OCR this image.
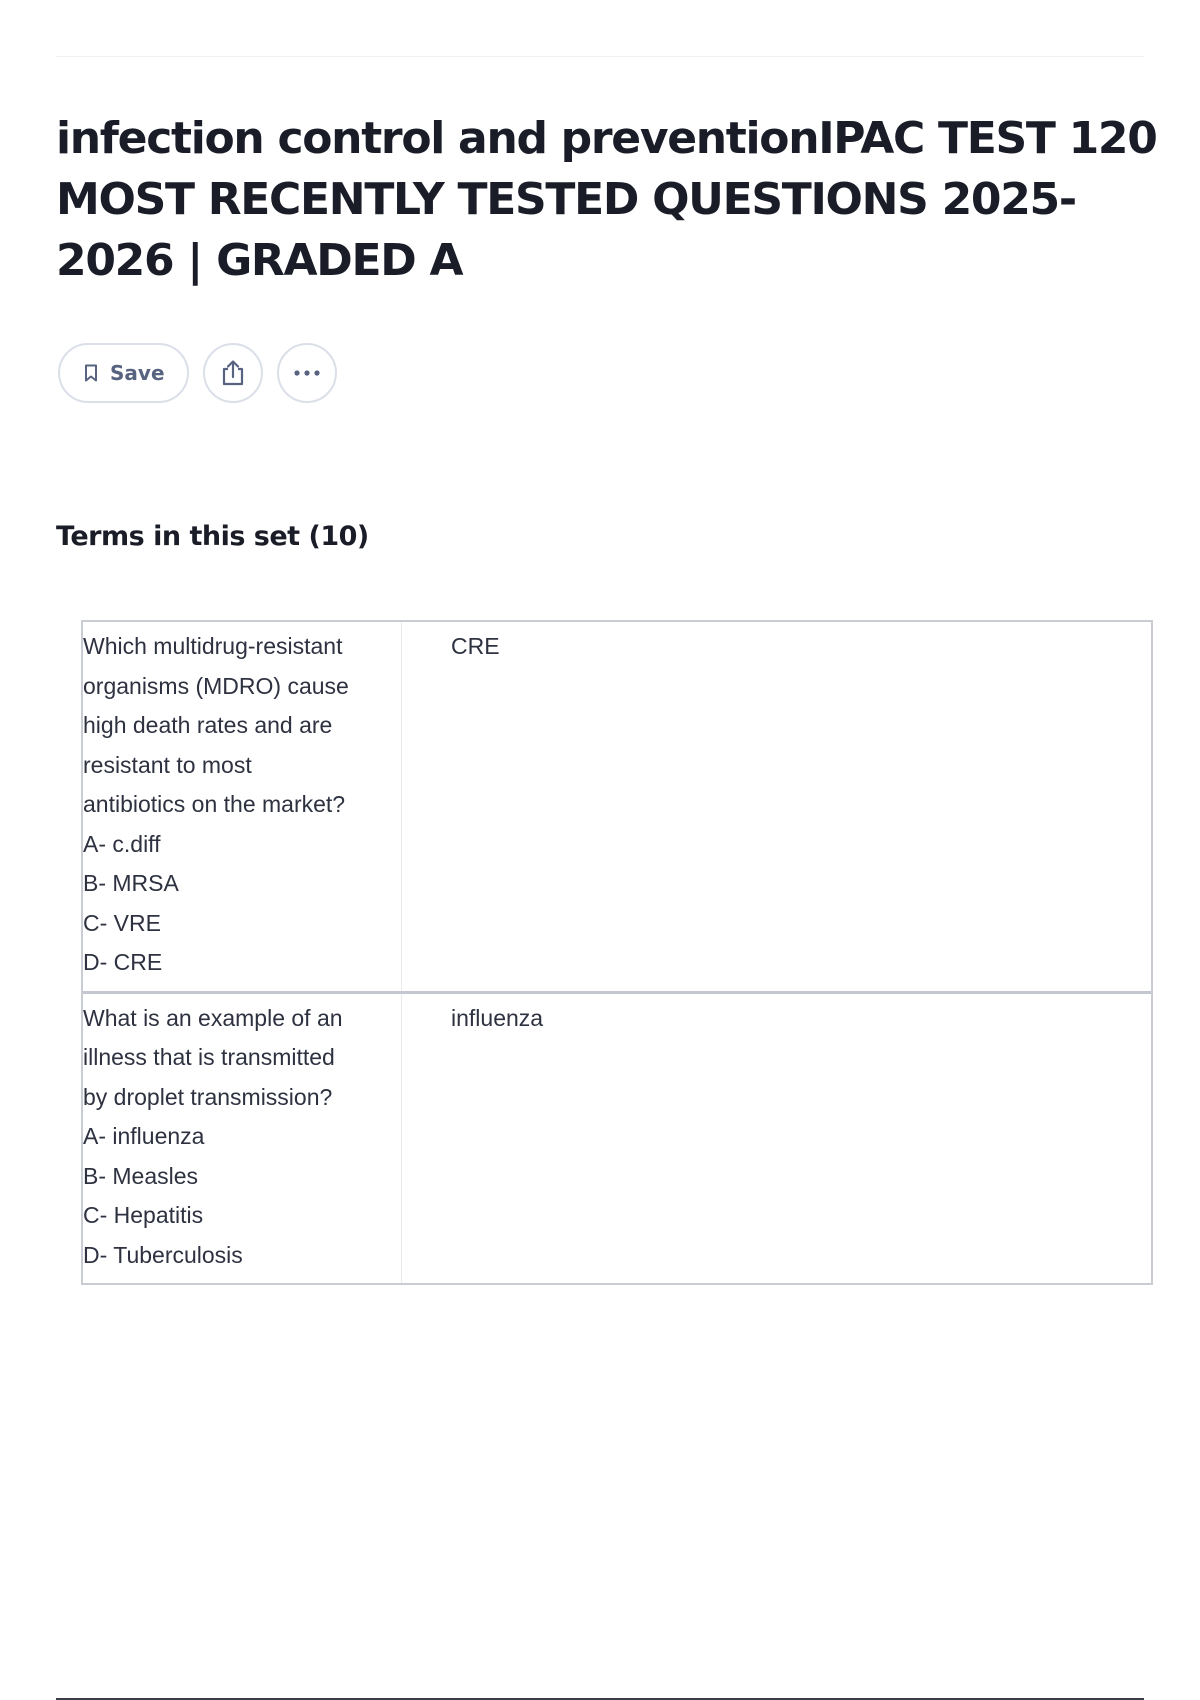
infection control and preventionIPAC TEST 120 MOST RECENTLY TESTED QUESTIONS 2025-2026 | GRADED A
Save
Terms in this set (10)
Which multidrug-resistant
organisms (MDRO) cause
high death rates and are
resistant to most
antibiotics on the market?
A- c.diff
B- MRSA
C- VRE
D- CRE
CRE
What is an example of an
illness that is transmitted
by droplet transmission?
A- influenza
B- Measles
C- Hepatitis
D- Tuberculosis
influenza
